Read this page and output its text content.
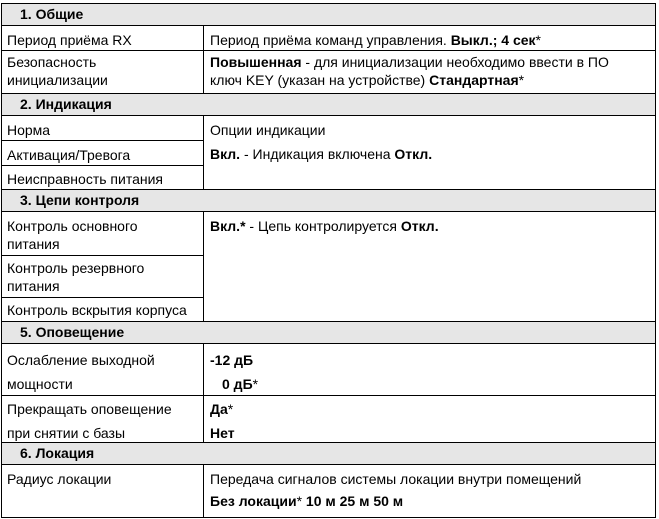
1. Общие
Период приёма RX	Период приёма команд управления. Выкл.; 4 сек*
Безопасность
инициализации
Повышенная - для инициализации необходимо ввести в ПО
ключ KEY (указан на устройстве) Стандартная*
2. Индикация
Норма
Активация/Тревога
Неисправность питания
Опции индикации
Вкл. - Индикация включена Откл.
3. Цепи контроля
Контроль основного
питания
Контроль резервного
питания
Контроль вскрытия корпуса
Вкл.* - Цепь контролируется Откл.
5. Оповещение
Ослабление выходной
мощности
-12 дБ
0 дБ*
Прекращать оповещение
при снятии с базы
Да*
Нет
6. Локация
Радиус локации	Передача сигналов системы локации внутри помещений
Без локации* 10 м 25 м 50 м
